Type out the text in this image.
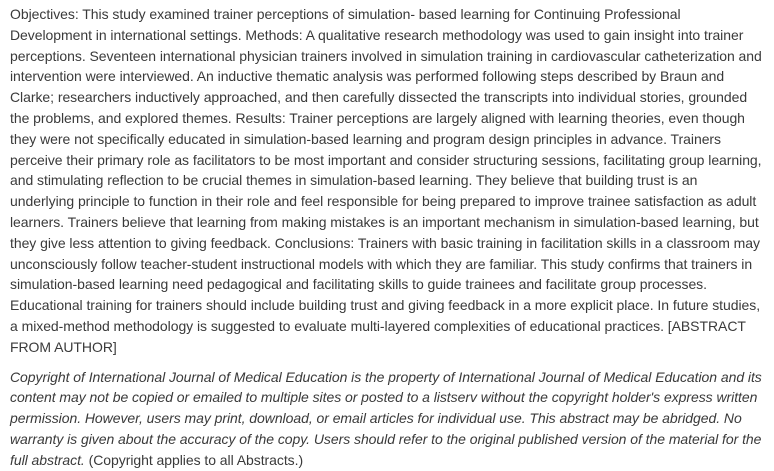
Objectives: This study examined trainer perceptions of simulation- based learning for Continuing Professional Development in international settings. Methods: A qualitative research methodology was used to gain insight into trainer perceptions. Seventeen international physician trainers involved in simulation training in cardiovascular catheterization and intervention were interviewed. An inductive thematic analysis was performed following steps described by Braun and Clarke; researchers inductively approached, and then carefully dissected the transcripts into individual stories, grounded the problems, and explored themes. Results: Trainer perceptions are largely aligned with learning theories, even though they were not specifically educated in simulation-based learning and program design principles in advance. Trainers perceive their primary role as facilitators to be most important and consider structuring sessions, facilitating group learning, and stimulating reflection to be crucial themes in simulation-based learning. They believe that building trust is an underlying principle to function in their role and feel responsible for being prepared to improve trainee satisfaction as adult learners. Trainers believe that learning from making mistakes is an important mechanism in simulation-based learning, but they give less attention to giving feedback. Conclusions: Trainers with basic training in facilitation skills in a classroom may unconsciously follow teacher-student instructional models with which they are familiar. This study confirms that trainers in simulation-based learning need pedagogical and facilitating skills to guide trainees and facilitate group processes. Educational training for trainers should include building trust and giving feedback in a more explicit place. In future studies, a mixed-method methodology is suggested to evaluate multi-layered complexities of educational practices. [ABSTRACT FROM AUTHOR]

Copyright of International Journal of Medical Education is the property of International Journal of Medical Education and its content may not be copied or emailed to multiple sites or posted to a listserv without the copyright holder's express written permission. However, users may print, download, or email articles for individual use. This abstract may be abridged. No warranty is given about the accuracy of the copy. Users should refer to the original published version of the material for the full abstract. (Copyright applies to all Abstracts.)
